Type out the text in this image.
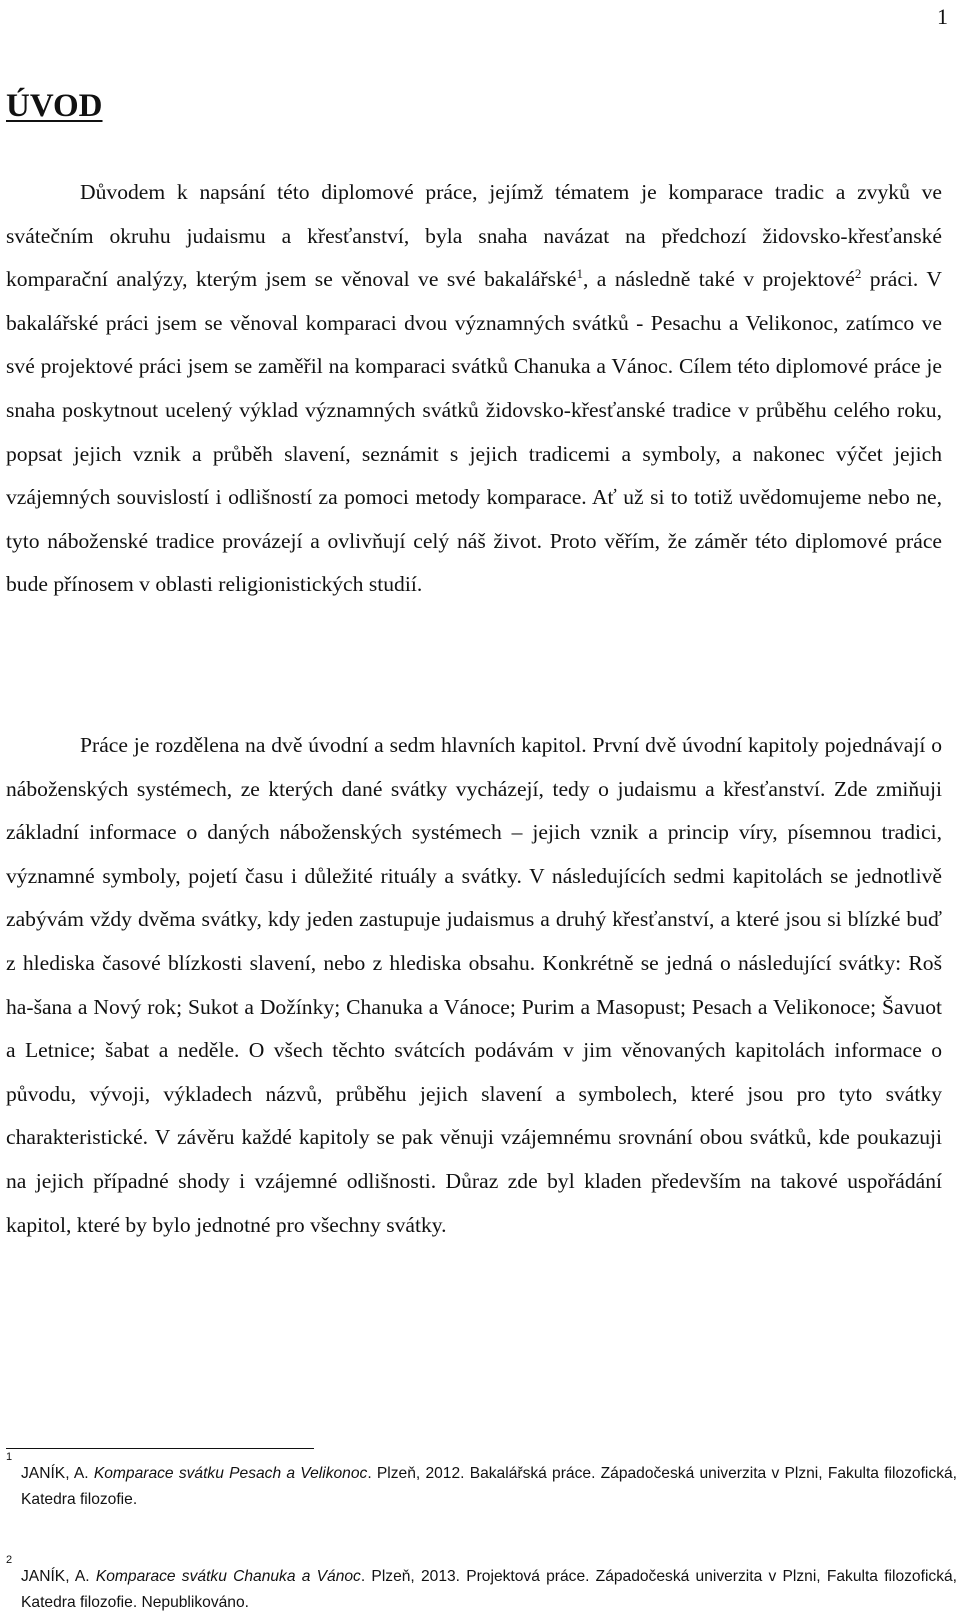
1
ÚVOD

Důvodem k napsání této diplomové práce, jejímž tématem je komparace tradic a zvyků ve svátečním okruhu judaismu a křesťanství, byla snaha navázat na předchozí židovsko-křesťanské komparační analýzy, kterým jsem se věnoval ve své bakalářské$^1$, a následně také v projektové$^2$ práci. V bakalářské práci jsem se věnoval komparaci dvou významných svátků - Pesachu a Velikonoc, zatímco ve své projektové práci jsem se zaměřil na komparaci svátků Chanuka a Vánoc. Cílem této diplomové práce je snaha poskytnout ucelený výklad významných svátků židovsko-křesťanské tradice v průběhu celého roku, popsat jejich vznik a průběh slavení, seznámit s jejich tradicemi a symboly, a nakonec výčet jejich vzájemných souvislostí i odlišností za pomoci metody komparace. Ať už si to totiž uvědomujeme nebo ne, tyto náboženské tradice provázejí a ovlivňují celý náš život. Proto věřím, že záměr této diplomové práce bude přínosem v oblasti religionistických studií.

Práce je rozdělena na dvě úvodní a sedm hlavních kapitol. První dvě úvodní kapitoly pojednávají o náboženských systémech, ze kterých dané svátky vycházejí, tedy o judaismu a křesťanství. Zde zmiňuji základní informace o daných náboženských systémech – jejich vznik a princip víry, písemnou tradici, významné symboly, pojetí času i důležité rituály a svátky. V následujících sedmi kapitolách se jednotlivě zabývám vždy dvěma svátky, kdy jeden zastupuje judaismus a druhý křesťanství, a které jsou si blízké buď z hlediska časové blízkosti slavení, nebo z hlediska obsahu. Konkrétně se jedná o následující svátky: Roš ha-šana a Nový rok; Sukot a Dožínky; Chanuka a Vánoce; Purim a Masopust; Pesach a Velikonoce; Šavuot a Letnice; šabat a neděle. O všech těchto svátcích podávám v jim věnovaných kapitolách informace o původu, vývoji, výkladech názvů, průběhu jejich slavení a symbolech, které jsou pro tyto svátky charakteristické. V závěru každé kapitoly se pak věnuji vzájemnému srovnání obou svátků, kde poukazuji na jejich případné shody i vzájemné odlišnosti. Důraz zde byl kladen především na takové uspořádání kapitol, které by bylo jednotné pro všechny svátky.

1
JANÍK, A. Komparace svátku Pesach a Velikonoc. Plzeň, 2012. Bakalářská práce. Západočeská univerzita v Plzni, Fakulta filozofická, Katedra filozofie.
2
JANÍK, A. Komparace svátku Chanuka a Vánoc. Plzeň, 2013. Projektová práce. Západočeská univerzita v Plzni, Fakulta filozofická, Katedra filozofie. Nepublikováno.
